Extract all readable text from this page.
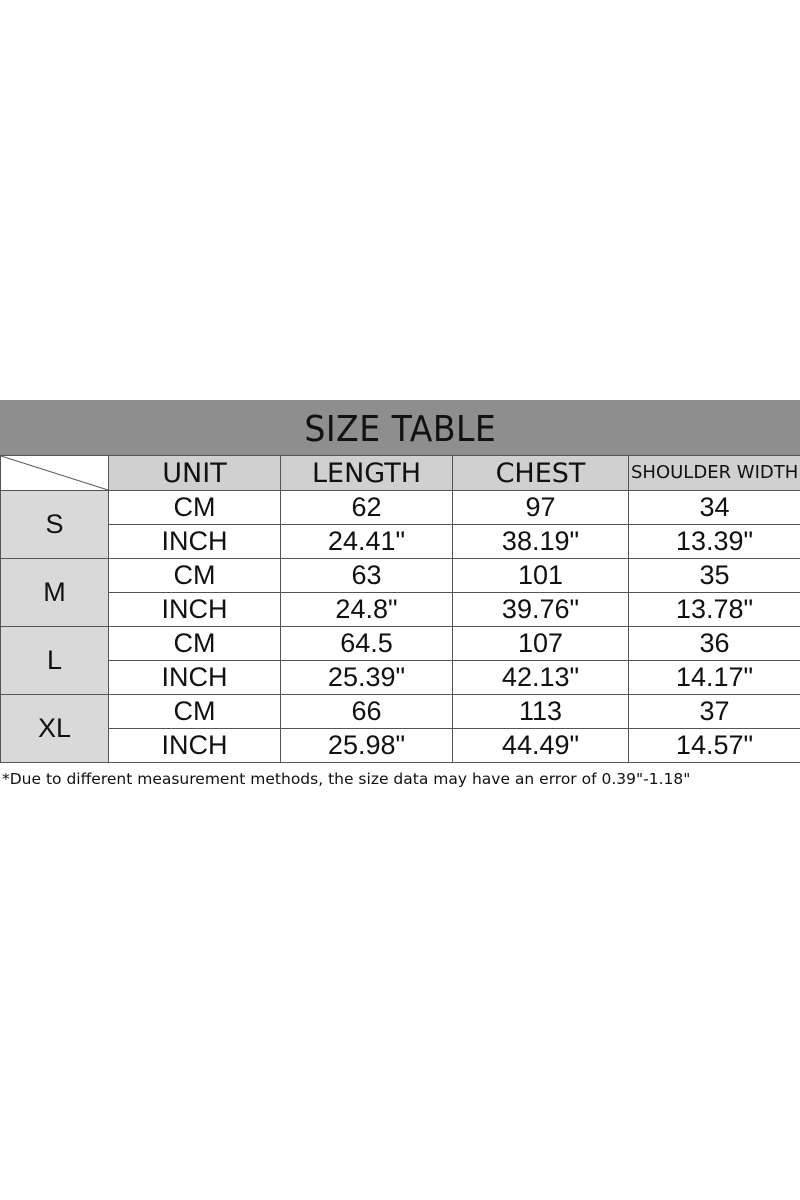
SIZE TABLE
	UNIT	LENGTH	CHEST	SHOULDER WIDTH
S	CM	62	97	34
	INCH	24.41"	38.19"	13.39"
M	CM	63	101	35
	INCH	24.8"	39.76"	13.78"
L	CM	64.5	107	36
	INCH	25.39"	42.13"	14.17"
XL	CM	66	113	37
	INCH	25.98"	44.49"	14.57"
*Due to different measurement methods, the size data may have an error of 0.39"-1.18"
